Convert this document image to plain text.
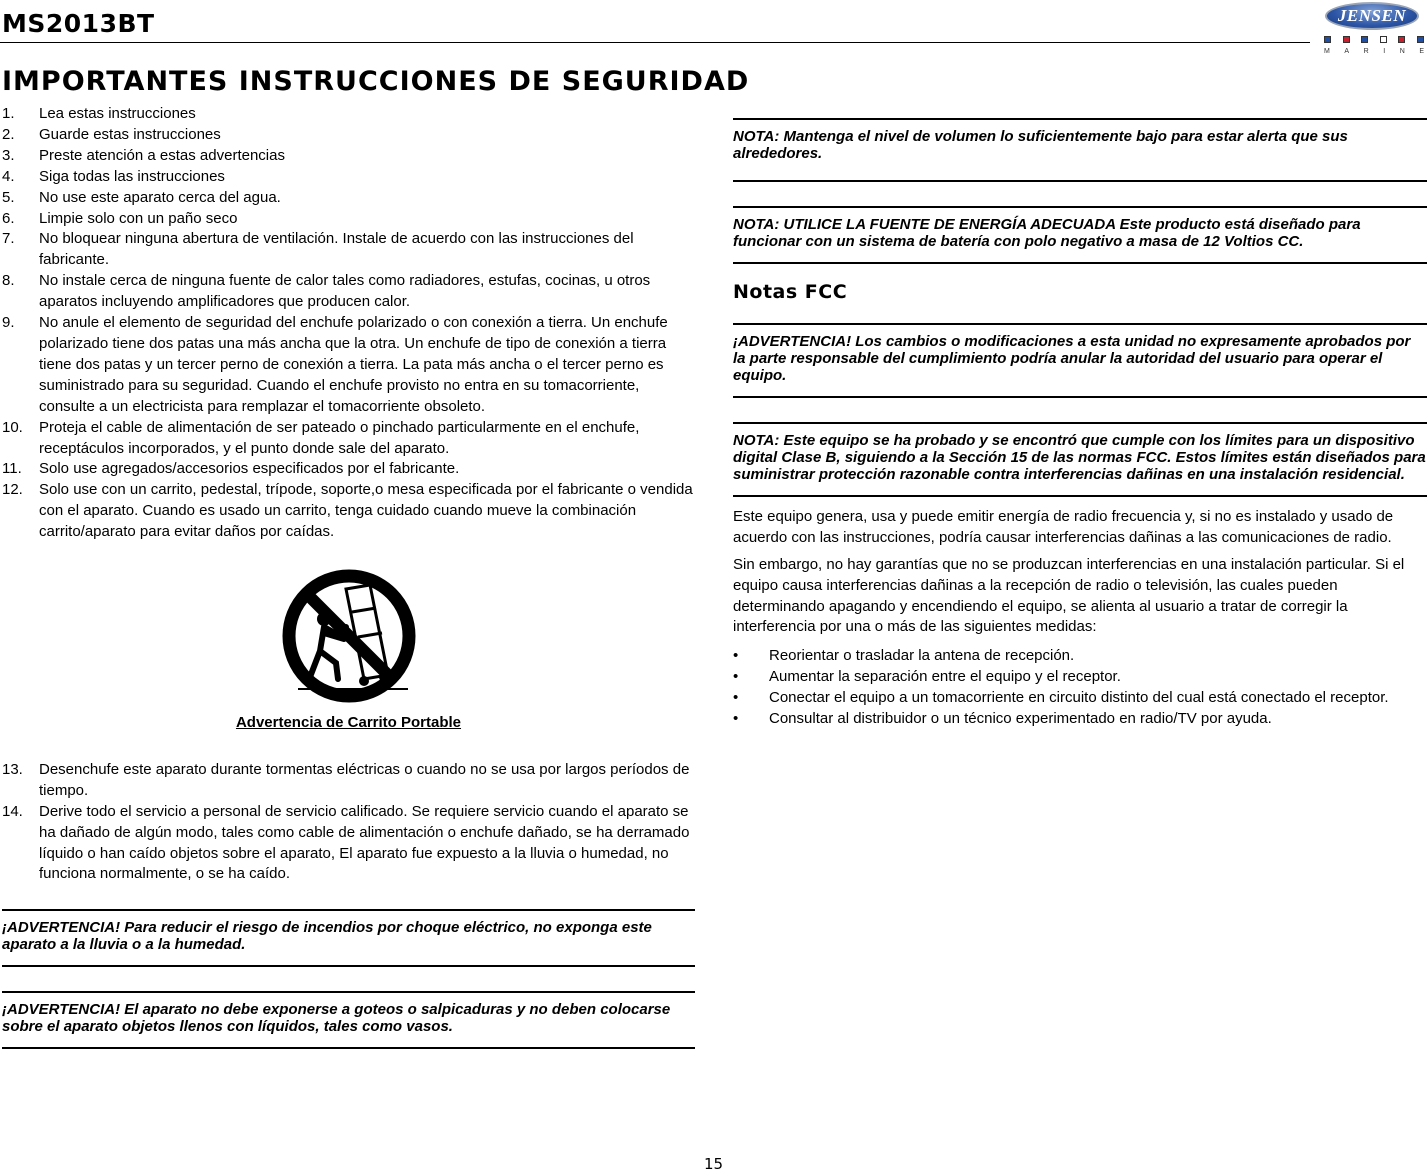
MS2013BT	JENSEN
M A R I N E
IMPORTANTES INSTRUCCIONES DE SEGURIDAD
1.	Lea estas instrucciones
2.	Guarde estas instrucciones
3.	Preste atención a estas advertencias
4.	Siga todas las instrucciones
5.	No use este aparato cerca del agua.
6.	Limpie solo con un paño seco
7.	No bloquear ninguna abertura de ventilación. Instale de acuerdo con las instrucciones del fabricante.
8.	No instale cerca de ninguna fuente de calor tales como radiadores, estufas, cocinas, u otros aparatos incluyendo amplificadores que producen calor.
9.	No anule el elemento de seguridad del enchufe polarizado o con conexión a tierra. Un enchufe polarizado tiene dos patas una más ancha que la otra. Un enchufe de tipo de conexión a tierra tiene dos patas y un tercer perno de conexión a tierra. La pata más ancha o el tercer perno es suministrado para su seguridad. Cuando el enchufe provisto no entra en su tomacorriente, consulte a un electricista para remplazar el tomacorriente obsoleto.
10.	Proteja el cable de alimentación de ser pateado o pinchado particularmente en el enchufe, receptáculos incorporados, y el punto donde sale del aparato.
11.	Solo use agregados/accesorios especificados por el fabricante.
12.	Solo use con un carrito, pedestal, trípode, soporte,o mesa especificada por el fabricante o vendida con el aparato. Cuando es usado un carrito, tenga cuidado cuando mueve la combinación carrito/aparato para evitar daños por caídas.
Advertencia de Carrito Portable
13.	Desenchufe este aparato durante tormentas eléctricas o cuando no se usa por largos períodos de tiempo.
14.	Derive todo el servicio a personal de servicio calificado. Se requiere servicio cuando el aparato se ha dañado de algún modo, tales como cable de alimentación o enchufe dañado, se ha derramado líquido o han caído objetos sobre el aparato, El aparato fue expuesto a la lluvia o humedad, no funciona normalmente, o se ha caído.
¡ADVERTENCIA! Para reducir el riesgo de incendios por choque eléctrico, no exponga este aparato a la lluvia o a la humedad.
¡ADVERTENCIA! El aparato no debe exponerse a goteos o salpicaduras y no deben colocarse sobre el aparato objetos llenos con líquidos, tales como vasos.
NOTA: Mantenga el nivel de volumen lo suficientemente bajo para estar alerta que sus alrededores.
NOTA: UTILICE LA FUENTE DE ENERGÍA ADECUADA Este producto está diseñado para funcionar con un sistema de batería con polo negativo a masa de 12 Voltios CC.
Notas FCC
¡ADVERTENCIA! Los cambios o modificaciones a esta unidad no expresamente aprobados por la parte responsable del cumplimiento podría anular la autoridad del usuario para operar el equipo.
NOTA: Este equipo se ha probado y se encontró que cumple con los límites para un dispositivo digital Clase B, siguiendo a la Sección 15 de las normas FCC. Estos límites están diseñados para suministrar protección razonable contra interferencias dañinas en una instalación residencial.

Este equipo genera, usa y puede emitir energía de radio frecuencia y, si no es instalado y usado de acuerdo con las instrucciones, podría causar interferencias dañinas a las comunicaciones de radio.

Sin embargo, no hay garantías que no se produzcan interferencias en una instalación particular. Si el equipo causa interferencias dañinas a la recepción de radio o televisión, las cuales pueden determinando apagando y encendiendo el equipo, se alienta al usuario a tratar de corregir la interferencia por una o más de las siguientes medidas:

•	Reorientar o trasladar la antena de recepción.
•	Aumentar la separación entre el equipo y el receptor.
•	Conectar el equipo a un tomacorriente en circuito distinto del cual está conectado el receptor.
•	Consultar al distribuidor o un técnico experimentado en radio/TV por ayuda.
15
